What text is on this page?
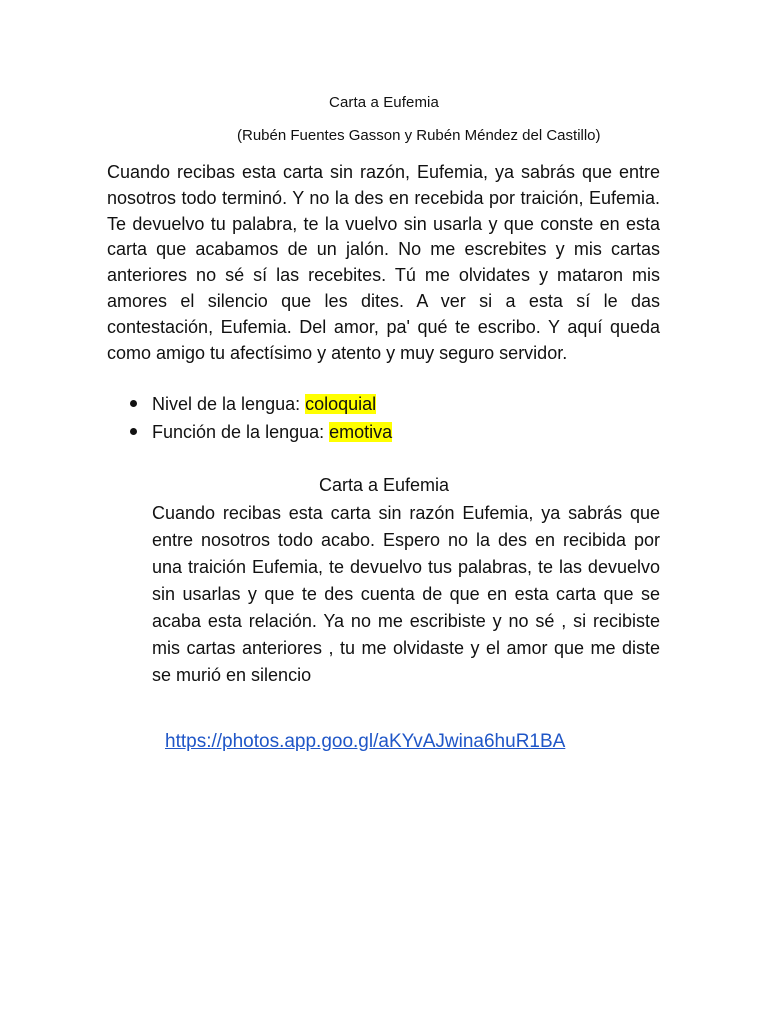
Carta a Eufemia
(Rubén Fuentes Gasson y Rubén Méndez del Castillo)

Cuando recibas esta carta sin razón, Eufemia, ya sabrás que entre nosotros todo terminó. Y no la des en recebida por traición, Eufemia. Te devuelvo tu palabra, te la vuelvo sin usarla y que conste en esta carta que acabamos de un jalón. No me escrebites y mis cartas anteriores no sé sí las recebites. Tú me olvidates y mataron mis amores el silencio que les dites. A ver si a esta sí le das contestación, Eufemia. Del amor, pa' qué te escribo. Y aquí queda como amigo tu afectísimo y atento y muy seguro servidor.

Nivel de la lengua: coloquial
Función de la lengua: emotiva
Carta a Eufemia

Cuando recibas esta carta sin razón Eufemia, ya sabrás que entre nosotros todo acabo. Espero no la des en recibida por una traición Eufemia, te devuelvo tus palabras, te las devuelvo sin usarlas y que te des cuenta de que en esta carta que se acaba esta relación. Ya no me escribiste y no sé , si recibiste mis cartas anteriores , tu me olvidaste y el amor que me diste se murió en silencio

https://photos.app.goo.gl/aKYvAJwina6huR1BA
